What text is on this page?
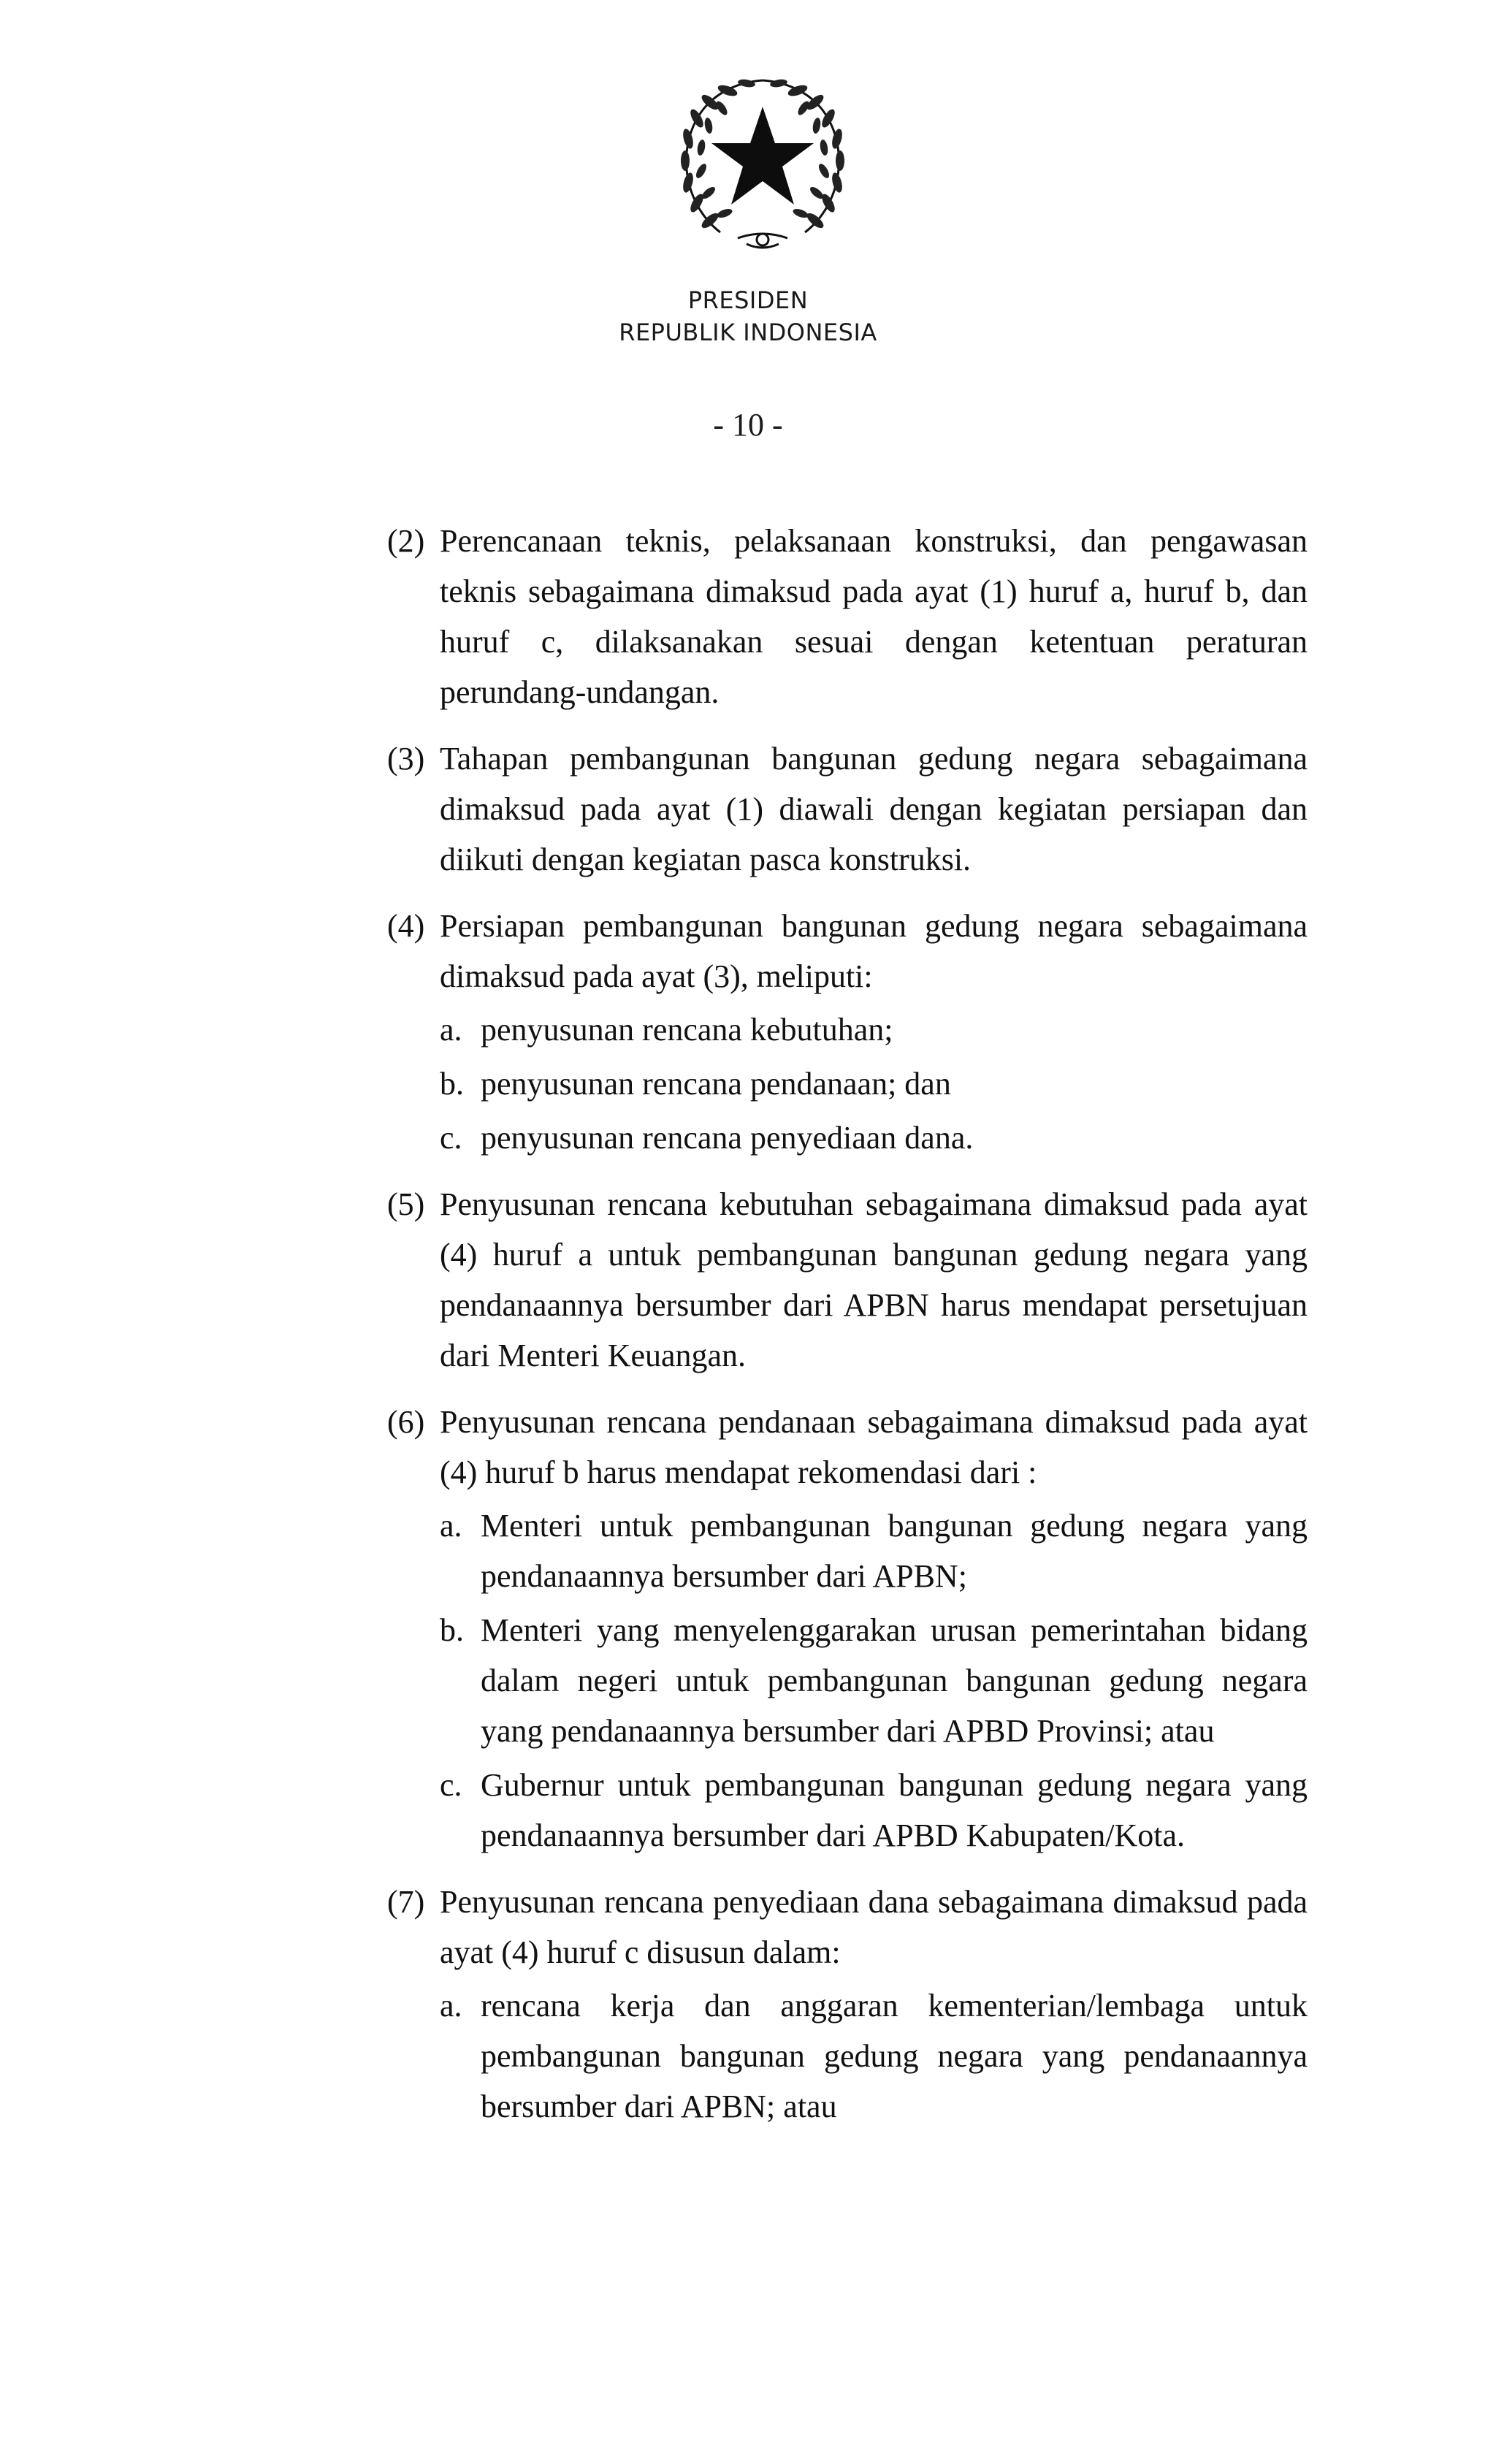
PRESIDEN
REPUBLIK INDONESIA
- 10 -
(2) Perencanaan teknis, pelaksanaan konstruksi, dan pengawasan teknis sebagaimana dimaksud pada ayat (1) huruf a, huruf b, dan huruf c, dilaksanakan sesuai dengan ketentuan peraturan perundang-undangan.
(3) Tahapan pembangunan bangunan gedung negara sebagaimana dimaksud pada ayat (1) diawali dengan kegiatan persiapan dan diikuti dengan kegiatan pasca konstruksi.
(4) Persiapan pembangunan bangunan gedung negara sebagaimana dimaksud pada ayat (3), meliputi:
a. penyusunan rencana kebutuhan;
b. penyusunan rencana pendanaan; dan
c. penyusunan rencana penyediaan dana.
(5) Penyusunan rencana kebutuhan sebagaimana dimaksud pada ayat (4) huruf a untuk pembangunan bangunan gedung negara yang pendanaannya bersumber dari APBN harus mendapat persetujuan dari Menteri Keuangan.
(6) Penyusunan rencana pendanaan sebagaimana dimaksud pada ayat (4) huruf b harus mendapat rekomendasi dari :
a. Menteri untuk pembangunan bangunan gedung negara yang pendanaannya bersumber dari APBN;
b. Menteri yang menyelenggarakan urusan pemerintahan bidang dalam negeri untuk pembangunan bangunan gedung negara yang pendanaannya bersumber dari APBD Provinsi; atau
c. Gubernur untuk pembangunan bangunan gedung negara yang pendanaannya bersumber dari APBD Kabupaten/Kota.
(7) Penyusunan rencana penyediaan dana sebagaimana dimaksud pada ayat (4) huruf c disusun dalam:
a. rencana kerja dan anggaran kementerian/lembaga untuk pembangunan bangunan gedung negara yang pendanaannya bersumber dari APBN; atau
